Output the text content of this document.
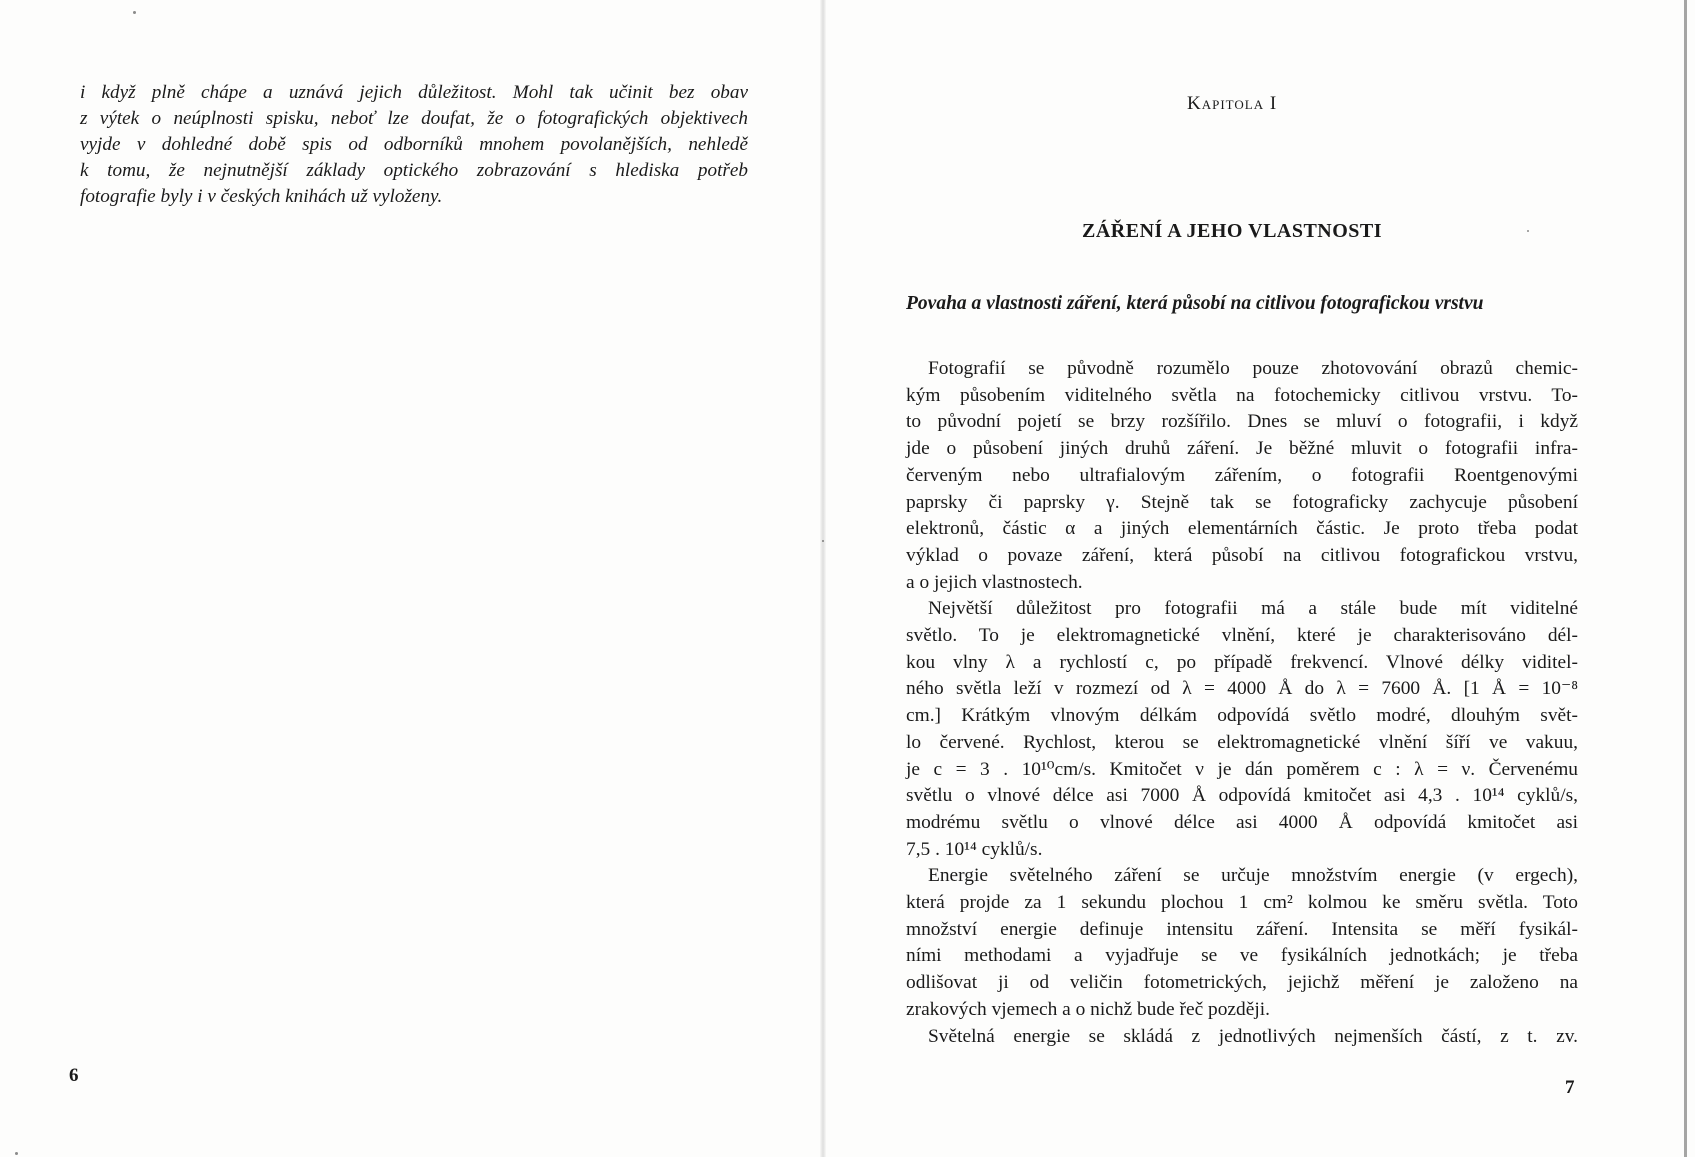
i když plně chápe a uznává jejich důležitost. Mohl tak učinit bez obav
z výtek o neúplnosti spisku, neboť lze doufat, že o fotografických objektivech
vyjde v dohledné době spis od odborníků mnohem povolanějších, nehledě
k tomu, že nejnutnější základy optického zobrazování s hlediska potřeb
fotografie byly i v českých knihách už vyloženy.

6

Kapitola I

ZÁŘENÍ A JEHO VLASTNOSTI
Povaha a vlastnosti záření, která působí na citlivou fotografickou vrstvu
Fotografií se původně rozumělo pouze zhotovování obrazů chemic-
kým působením viditelného světla na fotochemicky citlivou vrstvu. To-
to původní pojetí se brzy rozšířilo. Dnes se mluví o fotografii, i když
jde o působení jiných druhů záření. Je běžné mluvit o fotografii infra-
červeným nebo ultrafialovým zářením, o fotografii Roentgenovými
paprsky či paprsky γ. Stejně tak se fotograficky zachycuje působení
elektronů, částic α a jiných elementárních částic. Je proto třeba podat
výklad o povaze záření, která působí na citlivou fotografickou vrstvu,
a o jejich vlastnostech.
Největší důležitost pro fotografii má a stále bude mít viditelné
světlo. To je elektromagnetické vlnění, které je charakterisováno dél-
kou vlny λ a rychlostí c, po případě frekvencí. Vlnové délky viditel-
ného světla leží v rozmezí od λ = 4000 Å do λ = 7600 Å. [1 Å = 10⁻⁸
cm.] Krátkým vlnovým délkám odpovídá světlo modré, dlouhým svět-
lo červené. Rychlost, kterou se elektromagnetické vlnění šíří ve vakuu,
je c = 3 . 10¹⁰cm/s. Kmitočet ν je dán poměrem c : λ = ν. Červenému
světlu o vlnové délce asi 7000 Å odpovídá kmitočet asi 4,3 . 10¹⁴ cyklů/s,
modrému světlu o vlnové délce asi 4000 Å odpovídá kmitočet asi
7,5 . 10¹⁴ cyklů/s.
Energie světelného záření se určuje množstvím energie (v ergech),
která projde za 1 sekundu plochou 1 cm² kolmou ke směru světla. Toto
množství energie definuje intensitu záření. Intensita se měří fysikál-
ními methodami a vyjadřuje se ve fysikálních jednotkách; je třeba
odlišovat ji od veličin fotometrických, jejichž měření je založeno na
zrakových vjemech a o nichž bude řeč později.
Světelná energie se skládá z jednotlivých nejmenších částí, z t. zv.

7
